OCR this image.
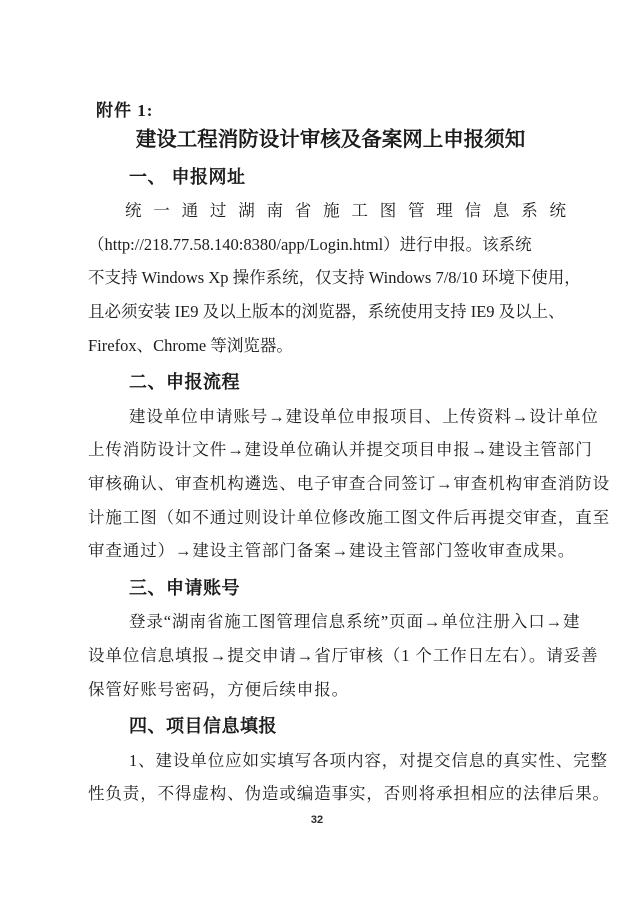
附件 1:
建设工程消防设计审核及备案网上申报须知
一、 申报网址
统一通过湖南省施工图管理信息系统
（http://218.77.58.140:8380/app/Login.html）进行申报。该系统
不支持 Windows Xp 操作系统，仅支持 Windows 7/8/10 环境下使用，
且必须安装 IE9 及以上版本的浏览器，系统使用支持 IE9 及以上、
Firefox、Chrome 等浏览器。
二、申报流程
建设单位申请账号→建设单位申报项目、上传资料→设计单位
上传消防设计文件→建设单位确认并提交项目申报→建设主管部门
审核确认、审查机构遴选、电子审查合同签订→审查机构审查消防设
计施工图（如不通过则设计单位修改施工图文件后再提交审查，直至
审查通过）→建设主管部门备案→建设主管部门签收审查成果。
三、申请账号
登录“湖南省施工图管理信息系统”页面→单位注册入口→建
设单位信息填报→提交申请→省厅审核（1 个工作日左右）。请妥善
保管好账号密码，方便后续申报。
四、项目信息填报
1、建设单位应如实填写各项内容，对提交信息的真实性、完整
性负责，不得虚构、伪造或编造事实，否则将承担相应的法律后果。
32
